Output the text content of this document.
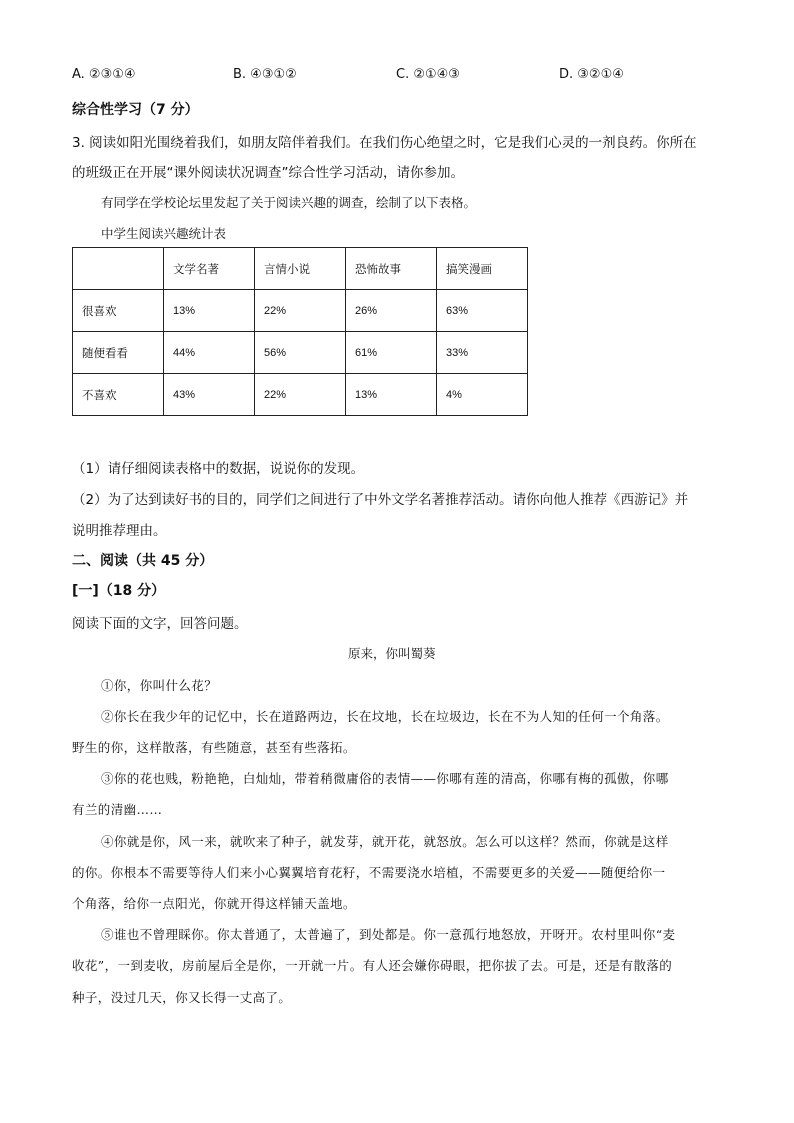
A. ②③①④	B. ④③①②	C. ②①④③	D. ③②①④
综合性学习（7 分）
3. 阅读如阳光围绕着我们，如朋友陪伴着我们。在我们伤心绝望之时，它是我们心灵的一剂良药。你所在
的班级正在开展“课外阅读状况调查”综合性学习活动，请你参加。
有同学在学校论坛里发起了关于阅读兴趣的调查，绘制了以下表格。
中学生阅读兴趣统计表
	文学名著	言情小说	恐怖故事	搞笑漫画
很喜欢	13%	22%	26%	63%
随便看看	44%	56%	61%	33%
不喜欢	43%	22%	13%	4%
（1）请仔细阅读表格中的数据，说说你的发现。
（2）为了达到读好书的目的，同学们之间进行了中外文学名著推荐活动。请你向他人推荐《西游记》并
说明推荐理由。
二、阅读（共 45 分）
[一]（18 分）
阅读下面的文字，回答问题。
原来，你叫蜀葵
①你，你叫什么花？
②你长在我少年的记忆中，长在道路两边，长在坟地，长在垃圾边，长在不为人知的任何一个角落。
野生的你，这样散落，有些随意，甚至有些落拓。
③你的花也贱，粉艳艳，白灿灿，带着稍微庸俗的表情——你哪有莲的清高，你哪有梅的孤傲，你哪
有兰的清幽……
④你就是你，风一来，就吹来了种子，就发芽，就开花，就怒放。怎么可以这样？然而，你就是这样
的你。你根本不需要等待人们来小心翼翼培育花籽，不需要浇水培植，不需要更多的关爱——随便给你一
个角落，给你一点阳光，你就开得这样铺天盖地。
⑤谁也不曾理睬你。你太普通了，太普遍了，到处都是。你一意孤行地怒放，开呀开。农村里叫你“麦
收花”，一到麦收，房前屋后全是你，一开就一片。有人还会嫌你碍眼，把你拔了去。可是，还是有散落的
种子，没过几天，你又长得一丈高了。
